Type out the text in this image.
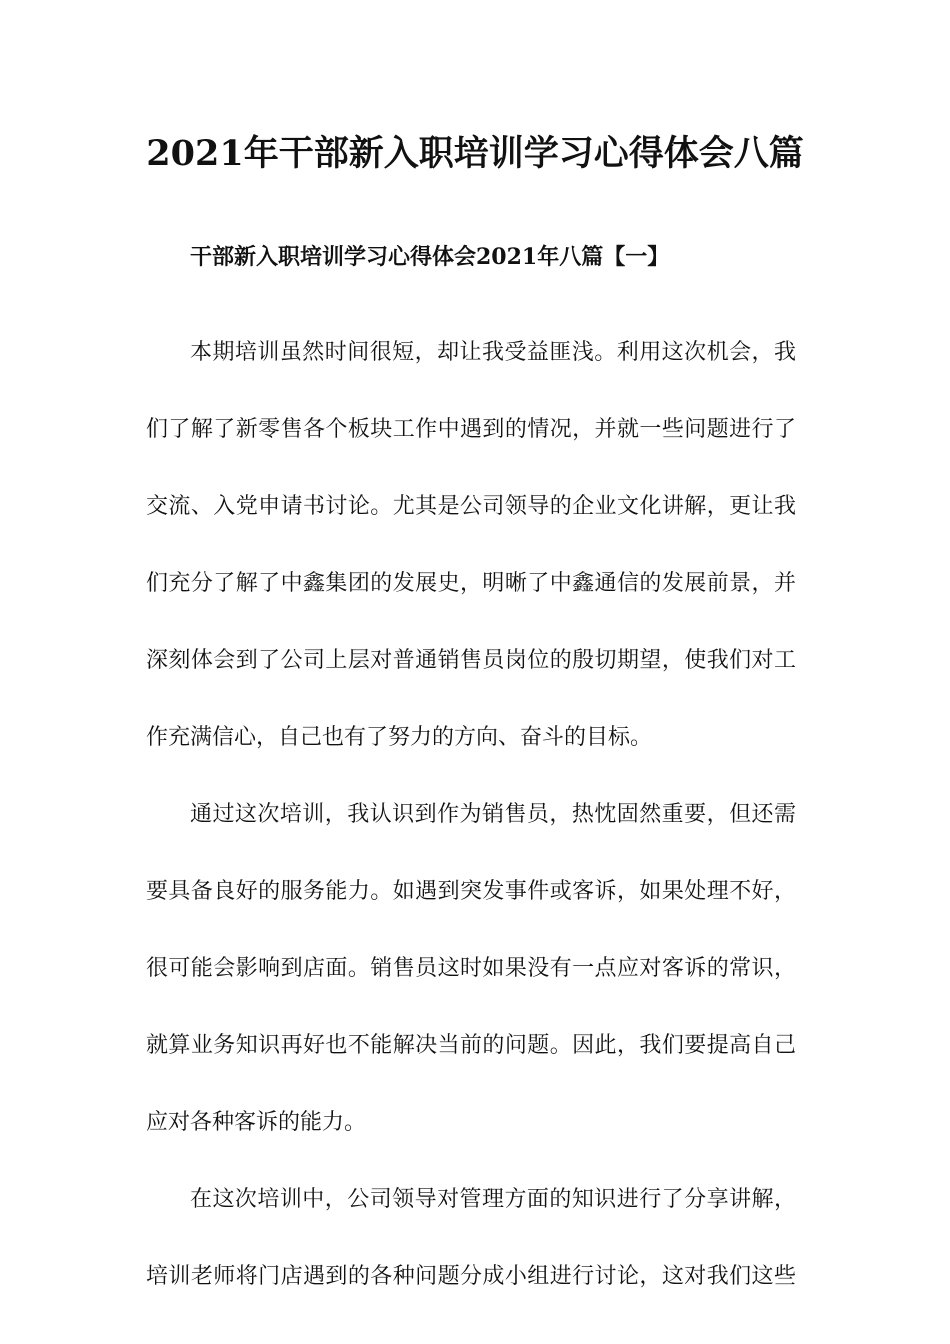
2021年干部新入职培训学习心得体会八篇
干部新入职培训学习心得体会2021年八篇【一】
本期培训虽然时间很短，却让我受益匪浅。利用这次机会，我
们了解了新零售各个板块工作中遇到的情况，并就一些问题进行了
交流、入党申请书讨论。尤其是公司领导的企业文化讲解，更让我
们充分了解了中鑫集团的发展史，明晰了中鑫通信的发展前景，并
深刻体会到了公司上层对普通销售员岗位的殷切期望，使我们对工
作充满信心，自己也有了努力的方向、奋斗的目标。
通过这次培训，我认识到作为销售员，热忱固然重要，但还需
要具备良好的服务能力。如遇到突发事件或客诉，如果处理不好，
很可能会影响到店面。销售员这时如果没有一点应对客诉的常识，
就算业务知识再好也不能解决当前的问题。因此，我们要提高自己
应对各种客诉的能力。
在这次培训中，公司领导对管理方面的知识进行了分享讲解，
培训老师将门店遇到的各种问题分成小组进行讨论，这对我们这些
